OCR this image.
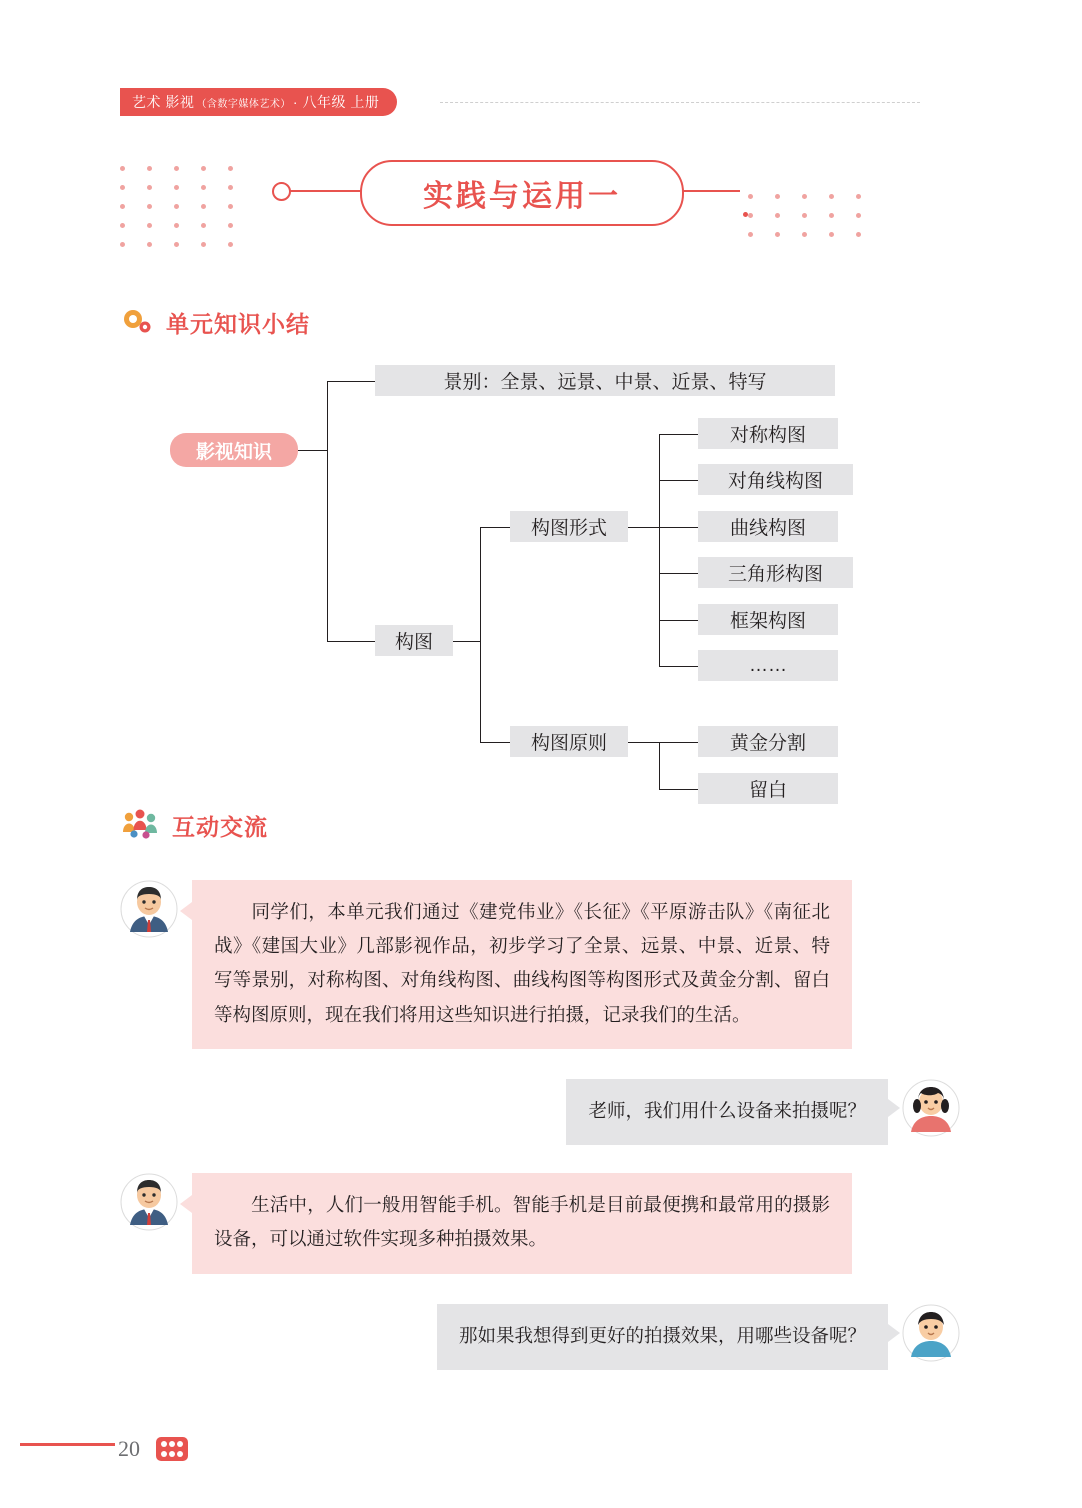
艺术 影视 （含数字媒体艺术） · 八年级 上册
实践与运用一
单元知识小结
影视知识
景别：全景、远景、中景、近景、特写
构图
构图形式
构图原则
对称构图
对角线构图
曲线构图
三角形构图
框架构图
……
黄金分割
留白
互动交流
同学们，本单元我们通过《建党伟业》《长征》《平原游击队》《南征北战》《建国大业》几部影视作品，初步学习了全景、远景、中景、近景、特写等景别，对称构图、对角线构图、曲线构图等构图形式及黄金分割、留白等构图原则，现在我们将用这些知识进行拍摄，记录我们的生活。
老师，我们用什么设备来拍摄呢？
生活中，人们一般用智能手机。智能手机是目前最便携和最常用的摄影设备，可以通过软件实现多种拍摄效果。
那如果我想得到更好的拍摄效果，用哪些设备呢？
20
